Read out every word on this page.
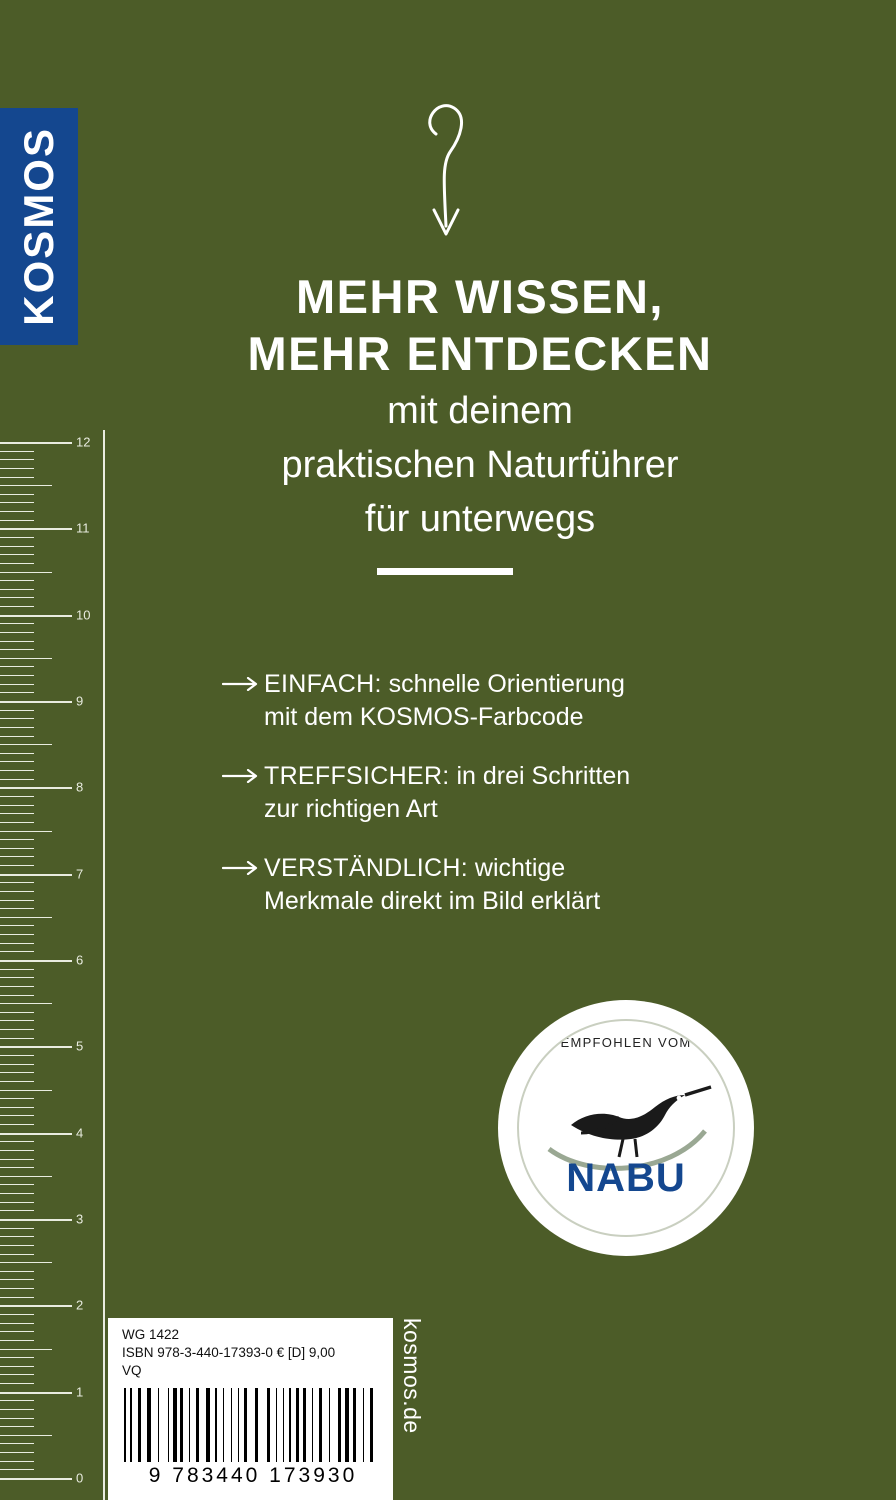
KOSMOS
12
11
10
9
8
7
6
5
4
3
2
1
0
MEHR WISSEN,
MEHR ENTDECKEN
mit deinem
praktischen Naturführer
für unterwegs
EINFACH: schnelle Orientierung
mit dem KOSMOS-Farbcode
TREFFSICHER: in drei Schritten
zur richtigen Art
VERSTÄNDLICH: wichtige
Merkmale direkt im Bild erklärt
EMPFOHLEN VOM
NABU
WG 1422
ISBN 978-3-440-17393-0 € [D] 9,00
VQ
9 783440 173930
kosmos.de
